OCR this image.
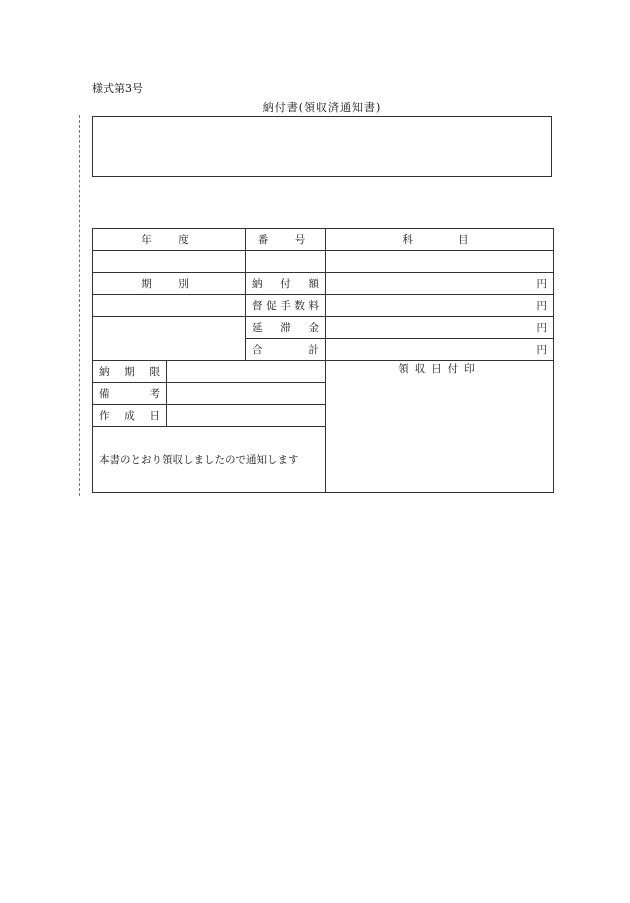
様式第3号
納付書(領収済通知書)
年　度		番　号	科　　目

期　別		納付額	円
		督促手数料	円
		延滞金	円
		合計	円
納期限			領収日付印
備考			
作成日			
本書のとおり領収しましたので通知します			
